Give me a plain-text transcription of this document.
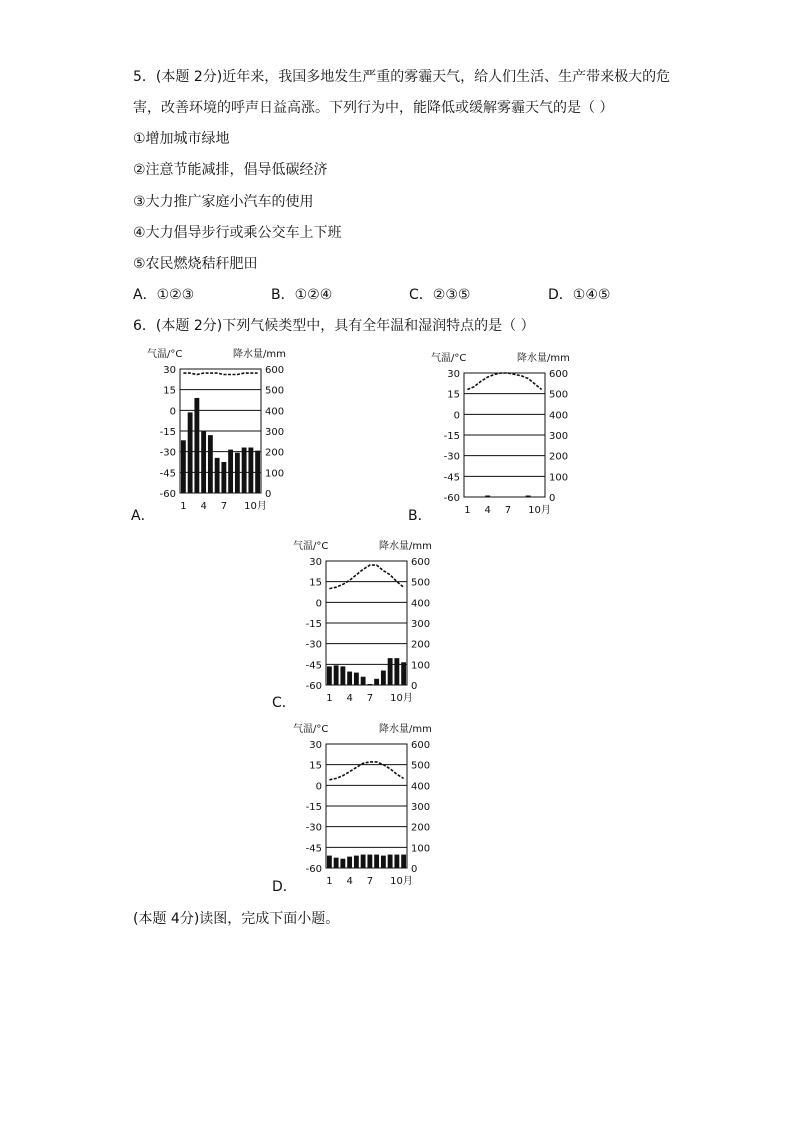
5．(本题 2分)近年来，我国多地发生严重的雾霾天气，给人们生活、生产带来极大的危
害，改善环境的呼声日益高涨。下列行为中，能降低或缓解雾霾天气的是（ ）
①增加城市绿地
②注意节能减排，倡导低碳经济
③大力推广家庭小汽车的使用
④大力倡导步行或乘公交车上下班
⑤农民燃烧秸秆肥田
A．①②③	B．①②④	C．②③⑤	D．①④⑤
6．(本题 2分)下列气候类型中，具有全年温和湿润特点的是（ ）
气温/°C	降水量/mm
30	600
15	500
0	400
-15	300
-30	200
-45	100
-60	0
1 4 7 10月
A．
气温/°C	降水量/mm
30	600
15	500
0	400
-15	300
-30	200
-45	100
-60	0
1 4 7 10月
B．
气温/°C	降水量/mm
30	600
15	500
0	400
-15	300
-30	200
-45	100
-60	0
1 4 7 10月
C．
气温/°C	降水量/mm
30	600
15	500
0	400
-15	300
-30	200
-45	100
-60	0
1 4 7 10月
D．
(本题 4分)读图，完成下面小题。
